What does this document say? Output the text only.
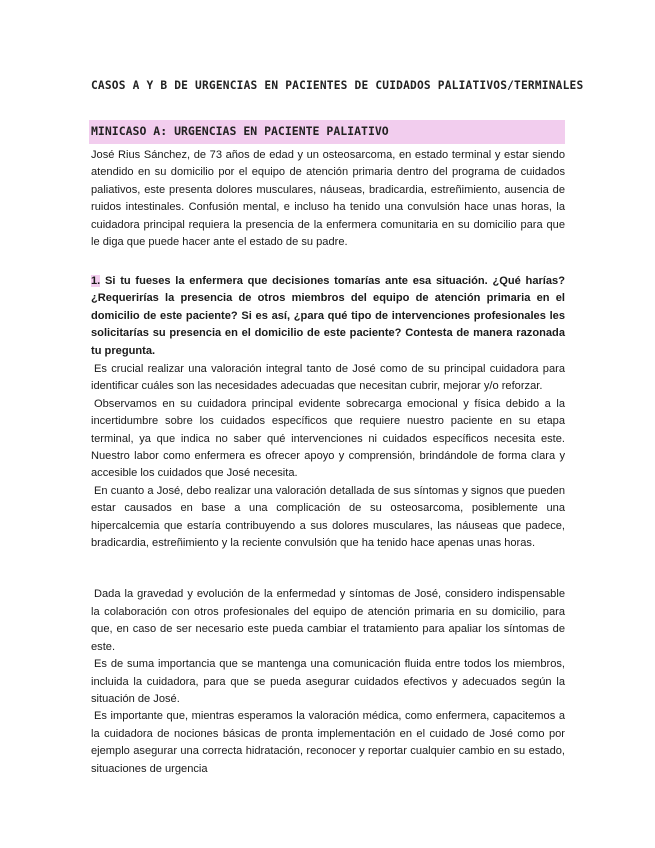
CASOS A Y B DE URGENCIAS EN PACIENTES DE CUIDADOS PALIATIVOS/TERMINALES
MINICASO A: URGENCIAS EN PACIENTE PALIATIVO
José Rius Sánchez, de 73 años de edad y un osteosarcoma, en estado terminal y estar siendo atendido en su domicilio por el equipo de atención primaria dentro del programa de cuidados paliativos, este presenta dolores musculares, náuseas, bradicardia, estreñimiento, ausencia de ruidos intestinales. Confusión mental, e incluso ha tenido una convulsión hace unas horas, la cuidadora principal requiera la presencia de la enfermera comunitaria en su domicilio para que le diga que puede hacer ante el estado de su padre.
1. Si tu fueses la enfermera que decisiones tomarías ante esa situación. ¿Qué harías? ¿Requerirías la presencia de otros miembros del equipo de atención primaria en el domicilio de este paciente? Si es así, ¿para qué tipo de intervenciones profesionales les solicitarías su presencia en el domicilio de este paciente? Contesta de manera razonada tu pregunta.

Es crucial realizar una valoración integral tanto de José como de su principal cuidadora para identificar cuáles son las necesidades adecuadas que necesitan cubrir, mejorar y/o reforzar.

Observamos en su cuidadora principal evidente sobrecarga emocional y física debido a la incertidumbre sobre los cuidados específicos que requiere nuestro paciente en su etapa terminal, ya que indica no saber qué intervenciones ni cuidados específicos necesita este. Nuestro labor como enfermera es ofrecer apoyo y comprensión, brindándole de forma clara y accesible los cuidados que José necesita.

En cuanto a José, debo realizar una valoración detallada de sus síntomas y signos que pueden estar causados en base a una complicación de su osteosarcoma, posiblemente una hipercalcemia que estaría contribuyendo a sus dolores musculares, las náuseas que padece, bradicardia, estreñimiento y la reciente convulsión que ha tenido hace apenas unas horas.

Dada la gravedad y evolución de la enfermedad y síntomas de José, considero indispensable la colaboración con otros profesionales del equipo de atención primaria en su domicilio, para que, en caso de ser necesario este pueda cambiar el tratamiento para apaliar los síntomas de este.

Es de suma importancia que se mantenga una comunicación fluida entre todos los miembros, incluida la cuidadora, para que se pueda asegurar cuidados efectivos y adecuados según la situación de José.

Es importante que, mientras esperamos la valoración médica, como enfermera, capacitemos a la cuidadora de nociones básicas de pronta implementación en el cuidado de José como por ejemplo asegurar una correcta hidratación, reconocer y reportar cualquier cambio en su estado, situaciones de urgencia
